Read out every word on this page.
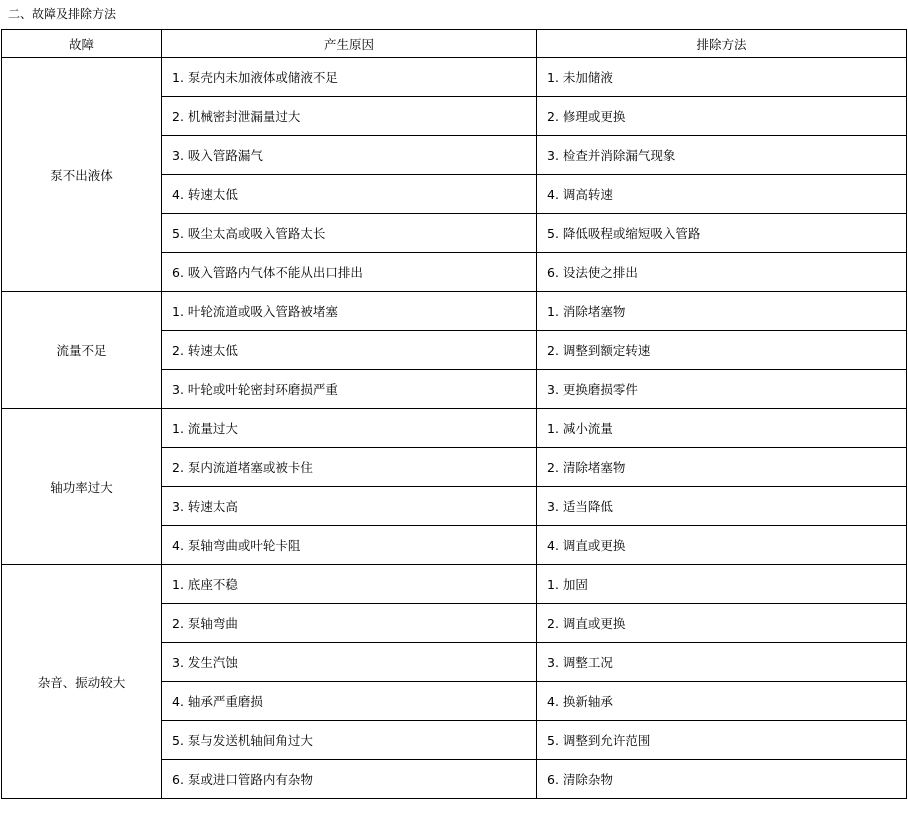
二、故障及排除方法
故障	产生原因	排除方法
泵不出液体	1. 泵壳内未加液体或储液不足	1. 未加储液

	2. 机械密封泄漏量过大	2. 修理或更换

	3. 吸入管路漏气	3. 检查并消除漏气现象

	4. 转速太低	4. 调高转速

	5. 吸尘太高或吸入管路太长	5. 降低吸程或缩短吸入管路

	6. 吸入管路内气体不能从出口排出	6. 设法使之排出

流量不足	1. 叶轮流道或吸入管路被堵塞	1. 消除堵塞物

	2. 转速太低	2. 调整到额定转速

	3. 叶轮或叶轮密封环磨损严重	3. 更换磨损零件

轴功率过大	1. 流量过大	1. 减小流量

	2. 泵内流道堵塞或被卡住	2. 清除堵塞物

	3. 转速太高	3. 适当降低

	4. 泵轴弯曲或叶轮卡阻	4. 调直或更换

杂音、振动较大	1. 底座不稳	1. 加固

	2. 泵轴弯曲	2. 调直或更换

	3. 发生汽蚀	3. 调整工况

	4. 轴承严重磨损	4. 换新轴承

	5. 泵与发送机轴间角过大	5. 调整到允许范围

	6. 泵或进口管路内有杂物	6. 清除杂物
